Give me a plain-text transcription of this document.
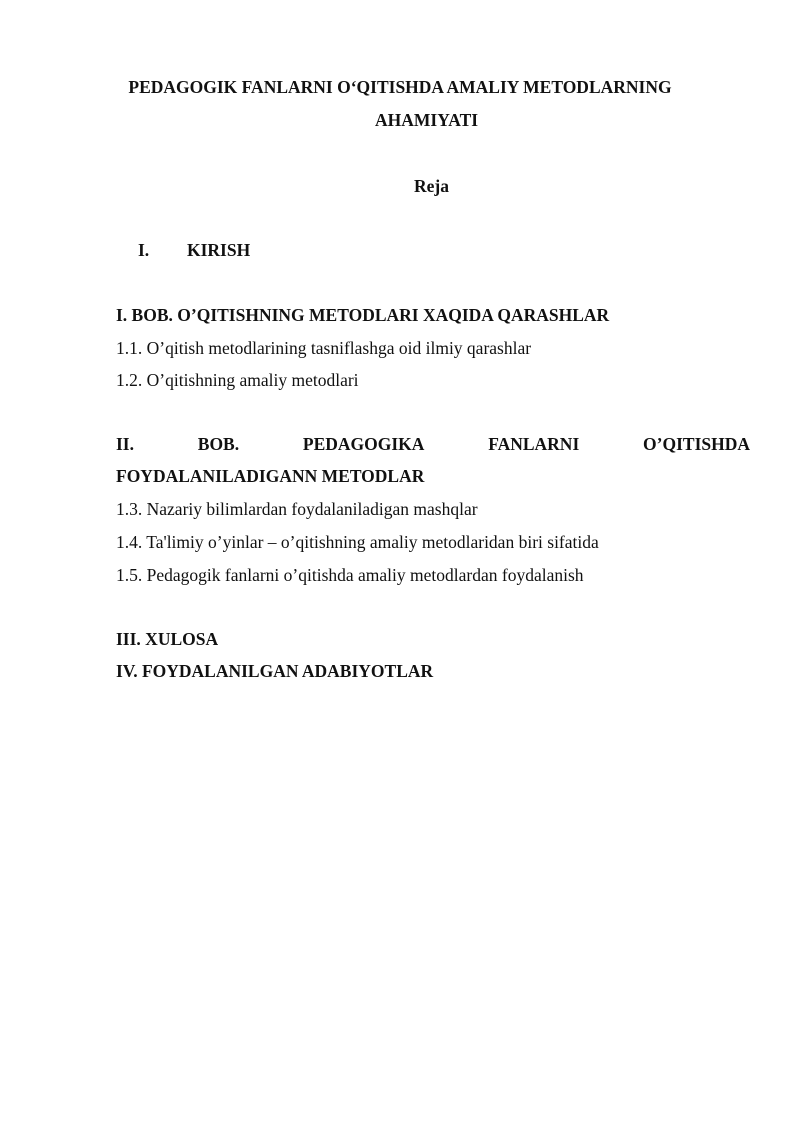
PEDAGOGIK FANLARNI O‘QITISHDA AMALIY METODLARNING
AHAMIYATI
Reja
I. KIRISH
I. BOB. O’QITISHNING METODLARI XAQIDA QARASHLAR
1.1. O’qitish metodlarining tasniflashga oid ilmiy qarashlar
1.2. O’qitishning amaliy metodlari
II.	BOB.	PEDAGOGIKA	FANLARNI	O’QITISHDA
FOYDALANILADIGANN METODLAR
1.3. Nazariy bilimlardan foydalaniladigan mashqlar
1.4. Ta'limiy o’yinlar – o’qitishning amaliy metodlaridan biri sifatida
1.5. Pedagogik fanlarni o’qitishda amaliy metodlardan foydalanish
III. XULOSA
IV. FOYDALANILGAN ADABIYOTLAR
